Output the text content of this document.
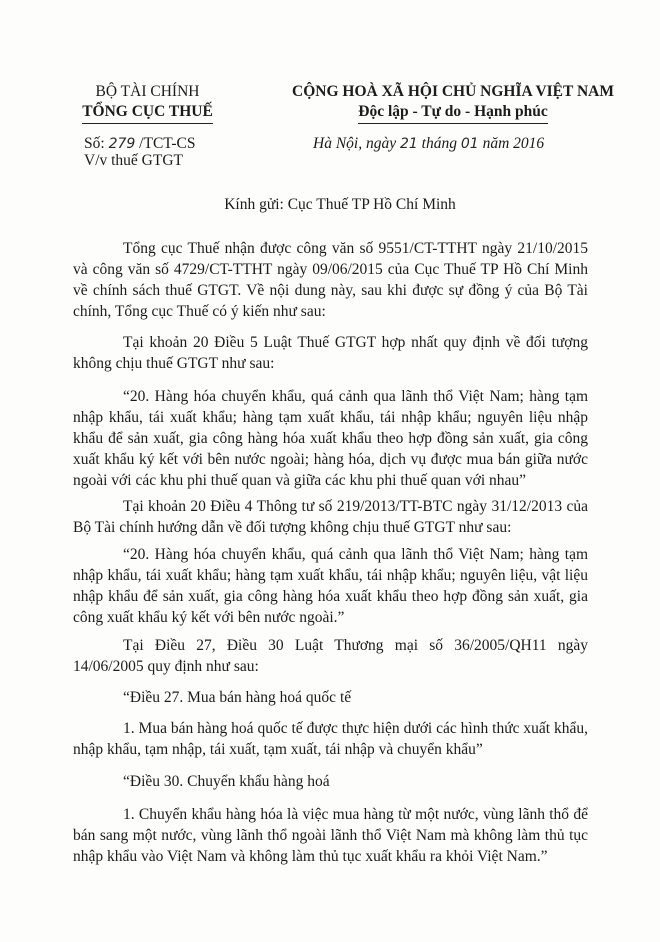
BỘ TÀI CHÍNH
TỔNG CỤC THUẾ
CỘNG HOÀ XÃ HỘI CHỦ NGHĨA VIỆT NAM
Độc lập - Tự do - Hạnh phúc
Số: 279 /TCT-CS
V/v thuế GTGT
Hà Nội, ngày 21 tháng 01 năm 2016
Kính gửi: Cục Thuế TP Hồ Chí Minh

Tổng cục Thuế nhận được công văn số 9551/CT-TTHT ngày 21/10/2015 và công văn số 4729/CT-TTHT ngày 09/06/2015 của Cục Thuế TP Hồ Chí Minh về chính sách thuế GTGT. Về nội dung này, sau khi được sự đồng ý của Bộ Tài chính, Tổng cục Thuế có ý kiến như sau:

Tại khoản 20 Điều 5 Luật Thuế GTGT hợp nhất quy định về đối tượng không chịu thuế GTGT như sau:

“20. Hàng hóa chuyển khẩu, quá cảnh qua lãnh thổ Việt Nam; hàng tạm nhập khẩu, tái xuất khẩu; hàng tạm xuất khẩu, tái nhập khẩu; nguyên liệu nhập khẩu để sản xuất, gia công hàng hóa xuất khẩu theo hợp đồng sản xuất, gia công xuất khẩu ký kết với bên nước ngoài; hàng hóa, dịch vụ được mua bán giữa nước ngoài với các khu phi thuế quan và giữa các khu phi thuế quan với nhau”

Tại khoản 20 Điều 4 Thông tư số 219/2013/TT-BTC ngày 31/12/2013 của Bộ Tài chính hướng dẫn về đối tượng không chịu thuế GTGT như sau:

“20. Hàng hóa chuyển khẩu, quá cảnh qua lãnh thổ Việt Nam; hàng tạm nhập khẩu, tái xuất khẩu; hàng tạm xuất khẩu, tái nhập khẩu; nguyên liệu, vật liệu nhập khẩu để sản xuất, gia công hàng hóa xuất khẩu theo hợp đồng sản xuất, gia công xuất khẩu ký kết với bên nước ngoài.”

Tại Điều 27, Điều 30 Luật Thương mại số 36/2005/QH11 ngày 14/06/2005 quy định như sau:

“Điều 27. Mua bán hàng hoá quốc tế

1. Mua bán hàng hoá quốc tế được thực hiện dưới các hình thức xuất khẩu, nhập khẩu, tạm nhập, tái xuất, tạm xuất, tái nhập và chuyển khẩu”

“Điều 30. Chuyển khẩu hàng hoá

1. Chuyển khẩu hàng hóa là việc mua hàng từ một nước, vùng lãnh thổ để bán sang một nước, vùng lãnh thổ ngoài lãnh thổ Việt Nam mà không làm thủ tục nhập khẩu vào Việt Nam và không làm thủ tục xuất khẩu ra khỏi Việt Nam.”
